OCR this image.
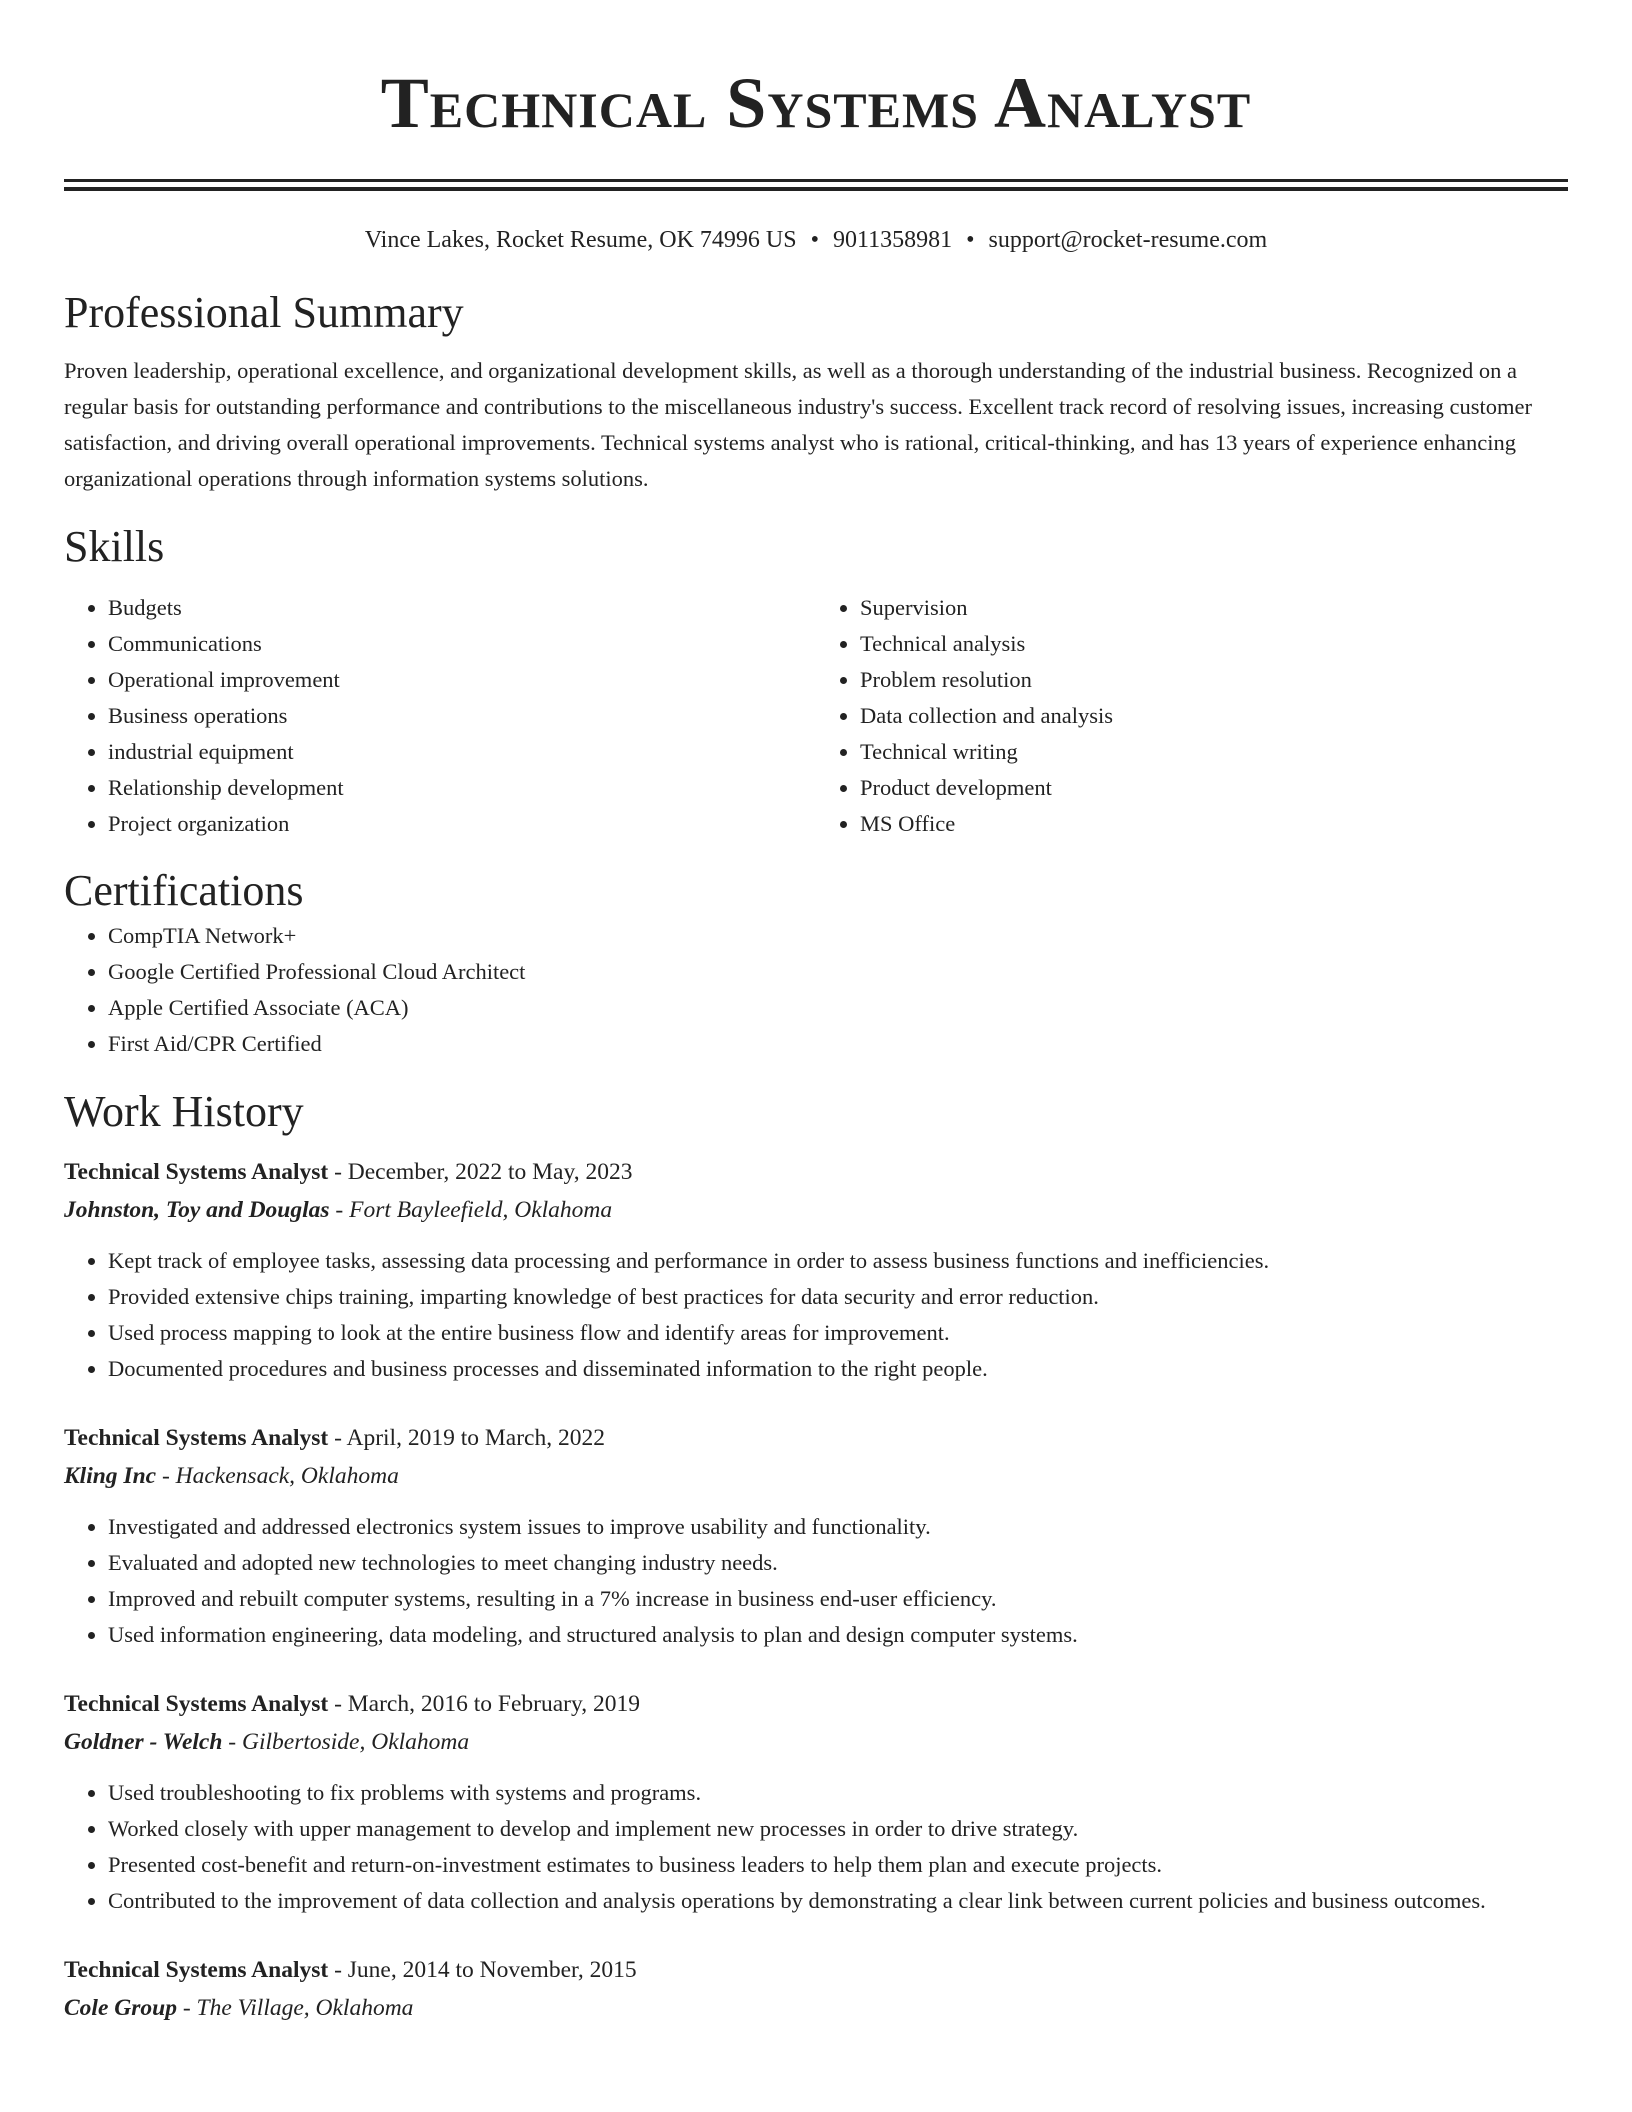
Technical Systems Analyst
Vince Lakes, Rocket Resume, OK 74996 US • 9011358981 • support@rocket-resume.com
Professional Summary

Proven leadership, operational excellence, and organizational development skills, as well as a thorough understanding of the industrial business. Recognized on a regular basis for outstanding performance and contributions to the miscellaneous industry's success. Excellent track record of resolving issues, increasing customer satisfaction, and driving overall operational improvements. Technical systems analyst who is rational, critical-thinking, and has 13 years of experience enhancing organizational operations through information systems solutions.

Skills
• Budgets
• Communications
• Operational improvement
• Business operations
• industrial equipment
• Relationship development
• Project organization
• Supervision
• Technical analysis
• Problem resolution
• Data collection and analysis
• Technical writing
• Product development
• MS Office
Certifications
• CompTIA Network+
• Google Certified Professional Cloud Architect
• Apple Certified Associate (ACA)
• First Aid/CPR Certified
Work History
Technical Systems Analyst - December, 2022 to May, 2023
Johnston, Toy and Douglas - Fort Bayleefield, Oklahoma
• Kept track of employee tasks, assessing data processing and performance in order to assess business functions and inefficiencies.
• Provided extensive chips training, imparting knowledge of best practices for data security and error reduction.
• Used process mapping to look at the entire business flow and identify areas for improvement.
• Documented procedures and business processes and disseminated information to the right people.
Technical Systems Analyst - April, 2019 to March, 2022
Kling Inc - Hackensack, Oklahoma
• Investigated and addressed electronics system issues to improve usability and functionality.
• Evaluated and adopted new technologies to meet changing industry needs.
• Improved and rebuilt computer systems, resulting in a 7% increase in business end-user efficiency.
• Used information engineering, data modeling, and structured analysis to plan and design computer systems.
Technical Systems Analyst - March, 2016 to February, 2019
Goldner - Welch - Gilbertoside, Oklahoma
• Used troubleshooting to fix problems with systems and programs.
• Worked closely with upper management to develop and implement new processes in order to drive strategy.
• Presented cost-benefit and return-on-investment estimates to business leaders to help them plan and execute projects.
• Contributed to the improvement of data collection and analysis operations by demonstrating a clear link between current policies and business outcomes.
Technical Systems Analyst - June, 2014 to November, 2015
Cole Group - The Village, Oklahoma
